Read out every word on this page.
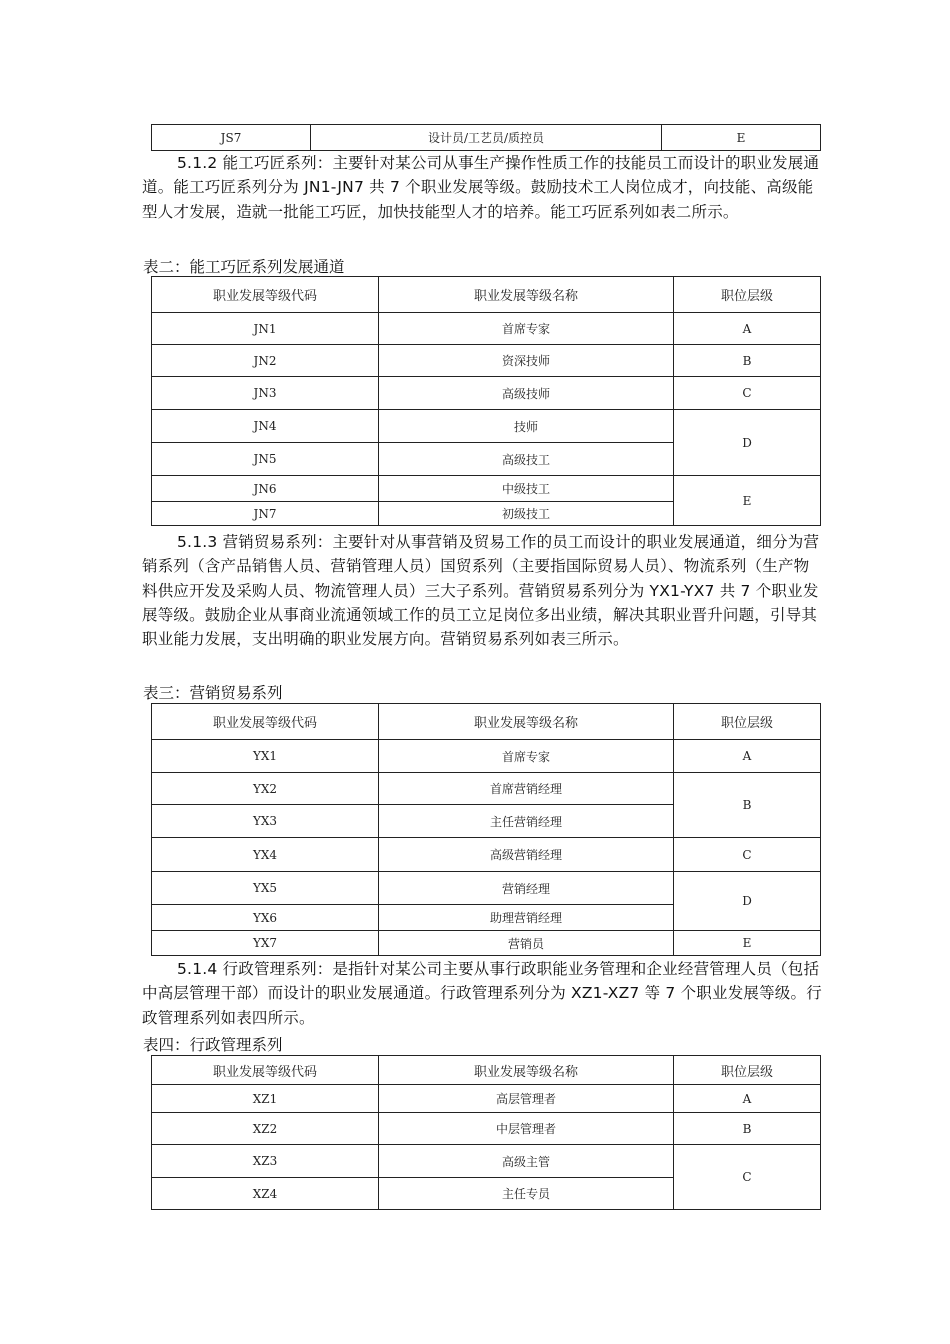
JS7	设计员/工艺员/质控员	E

5.1.2 能工巧匠系列：主要针对某公司从事生产操作性质工作的技能员工而设计的职业发展通道。能工巧匠系列分为 JN1-JN7 共 7 个职业发展等级。鼓励技术工人岗位成才，向技能、高级能型人才发展，造就一批能工巧匠，加快技能型人才的培养。能工巧匠系列如表二所示。

表二：能工巧匠系列发展通道

职业发展等级代码	职业发展等级名称	职位层级
JN1	首席专家	A
JN2	资深技师	B
JN3	高级技师	C
JN4	技师	D
JN5	高级技工	
JN6	中级技工	E
JN7	初级技工	

5.1.3 营销贸易系列：主要针对从事营销及贸易工作的员工而设计的职业发展通道，细分为营销系列（含产品销售人员、营销管理人员）国贸系列（主要指国际贸易人员）、物流系列（生产物料供应开发及采购人员、物流管理人员）三大子系列。营销贸易系列分为 YX1-YX7 共 7 个职业发展等级。鼓励企业从事商业流通领域工作的员工立足岗位多出业绩，解决其职业晋升问题，引导其职业能力发展，支出明确的职业发展方向。营销贸易系列如表三所示。

表三：营销贸易系列

职业发展等级代码	职业发展等级名称	职位层级
YX1	首席专家	A
YX2	首席营销经理	B
YX3	主任营销经理	
YX4	高级营销经理	C
YX5	营销经理	D
YX6	助理营销经理	
YX7	营销员	E

5.1.4 行政管理系列：是指针对某公司主要从事行政职能业务管理和企业经营管理人员（包括中高层管理干部）而设计的职业发展通道。行政管理系列分为 XZ1-XZ7 等 7 个职业发展等级。行政管理系列如表四所示。

表四：行政管理系列

职业发展等级代码	职业发展等级名称	职位层级
XZ1	高层管理者	A
XZ2	中层管理者	B
XZ3	高级主管	C
XZ4	主任专员	
